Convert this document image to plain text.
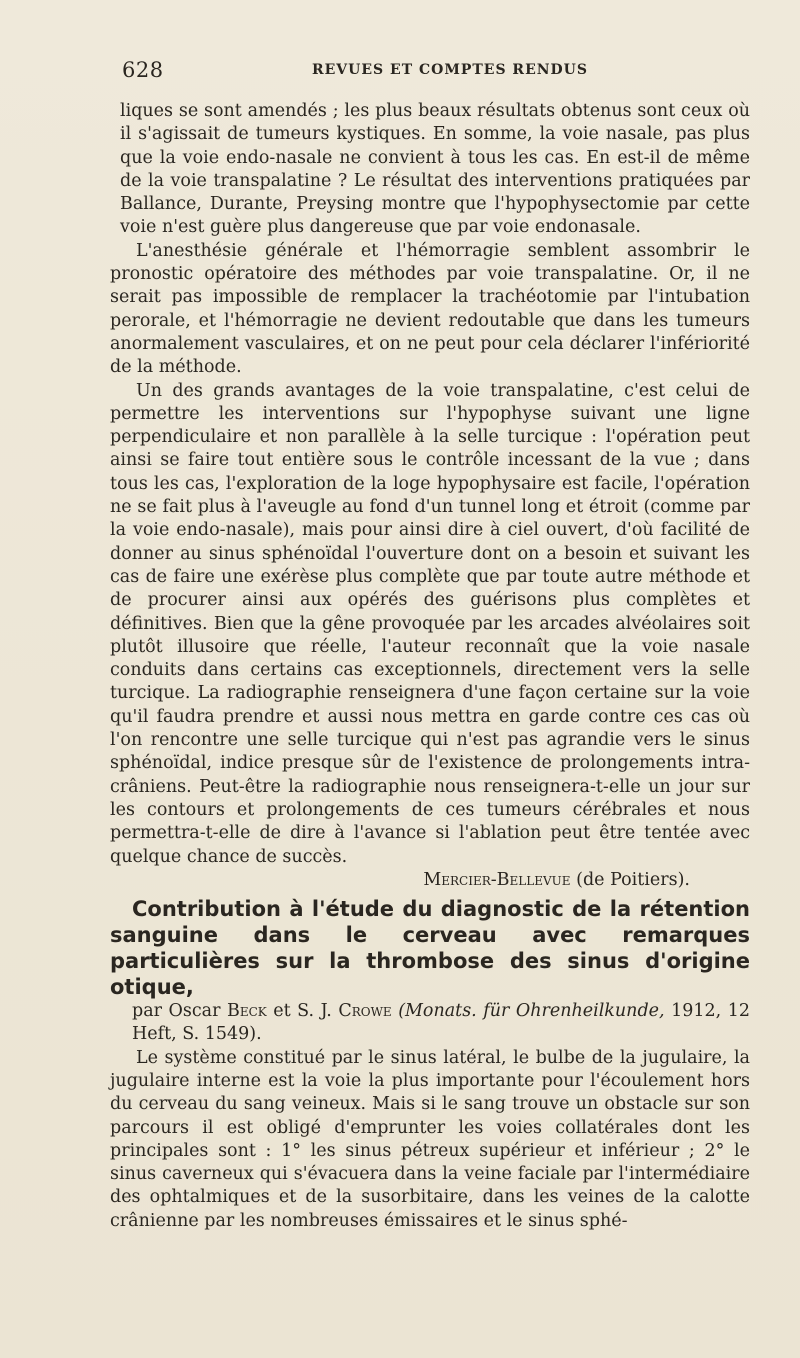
628	REVUES ET COMPTES RENDUS

liques se sont amendés ; les plus beaux résultats obtenus sont ceux où il s'agissait de tumeurs kystiques. En somme, la voie nasale, pas plus que la voie endo-nasale ne convient à tous les cas. En est-il de même de la voie transpalatine ? Le résultat des interventions pratiquées par Ballance, Durante, Preysing montre que l'hypophysectomie par cette voie n'est guère plus dangereuse que par voie endonasale.

L'anesthésie générale et l'hémorragie semblent assombrir le pronostic opératoire des méthodes par voie transpalatine. Or, il ne serait pas impossible de remplacer la trachéotomie par l'intubation perorale, et l'hémorragie ne devient redoutable que dans les tumeurs anormalement vasculaires, et on ne peut pour cela déclarer l'infériorité de la méthode.

Un des grands avantages de la voie transpalatine, c'est celui de permettre les interventions sur l'hypophyse suivant une ligne perpendiculaire et non parallèle à la selle turcique : l'opération peut ainsi se faire tout entière sous le contrôle incessant de la vue ; dans tous les cas, l'exploration de la loge hypophysaire est facile, l'opération ne se fait plus à l'aveugle au fond d'un tunnel long et étroit (comme par la voie endo-nasale), mais pour ainsi dire à ciel ouvert, d'où facilité de donner au sinus sphénoïdal l'ouverture dont on a besoin et suivant les cas de faire une exérèse plus complète que par toute autre méthode et de procurer ainsi aux opérés des guérisons plus complètes et définitives. Bien que la gêne provoquée par les arcades alvéolaires soit plutôt illusoire que réelle, l'auteur reconnaît que la voie nasale conduits dans certains cas exceptionnels, directement vers la selle turcique. La radiographie renseignera d'une façon certaine sur la voie qu'il faudra prendre et aussi nous mettra en garde contre ces cas où l'on rencontre une selle turcique qui n'est pas agrandie vers le sinus sphénoïdal, indice presque sûr de l'existence de prolongements intra-crâniens. Peut-être la radiographie nous renseignera-t-elle un jour sur les contours et prolongements de ces tumeurs cérébrales et nous permettra-t-elle de dire à l'avance si l'ablation peut être tentée avec quelque chance de succès.

Mercier-Bellevue (de Poitiers).
Contribution à l'étude du diagnostic de la rétention sanguine dans le cerveau avec remarques particulières sur la thrombose des sinus d'origine otique,

par Oscar Beck et S. J. Crowe (Monats. für Ohrenheilkunde, 1912, 12 Heft, S. 1549).

Le système constitué par le sinus latéral, le bulbe de la jugulaire, la jugulaire interne est la voie la plus importante pour l'écoulement hors du cerveau du sang veineux. Mais si le sang trouve un obstacle sur son parcours il est obligé d'emprunter les voies collatérales dont les principales sont : 1° les sinus pétreux supérieur et inférieur ; 2° le sinus caverneux qui s'évacuera dans la veine faciale par l'intermédiaire des ophtalmiques et de la susorbitaire, dans les veines de la calotte crânienne par les nombreuses émissaires et le sinus sphé-
